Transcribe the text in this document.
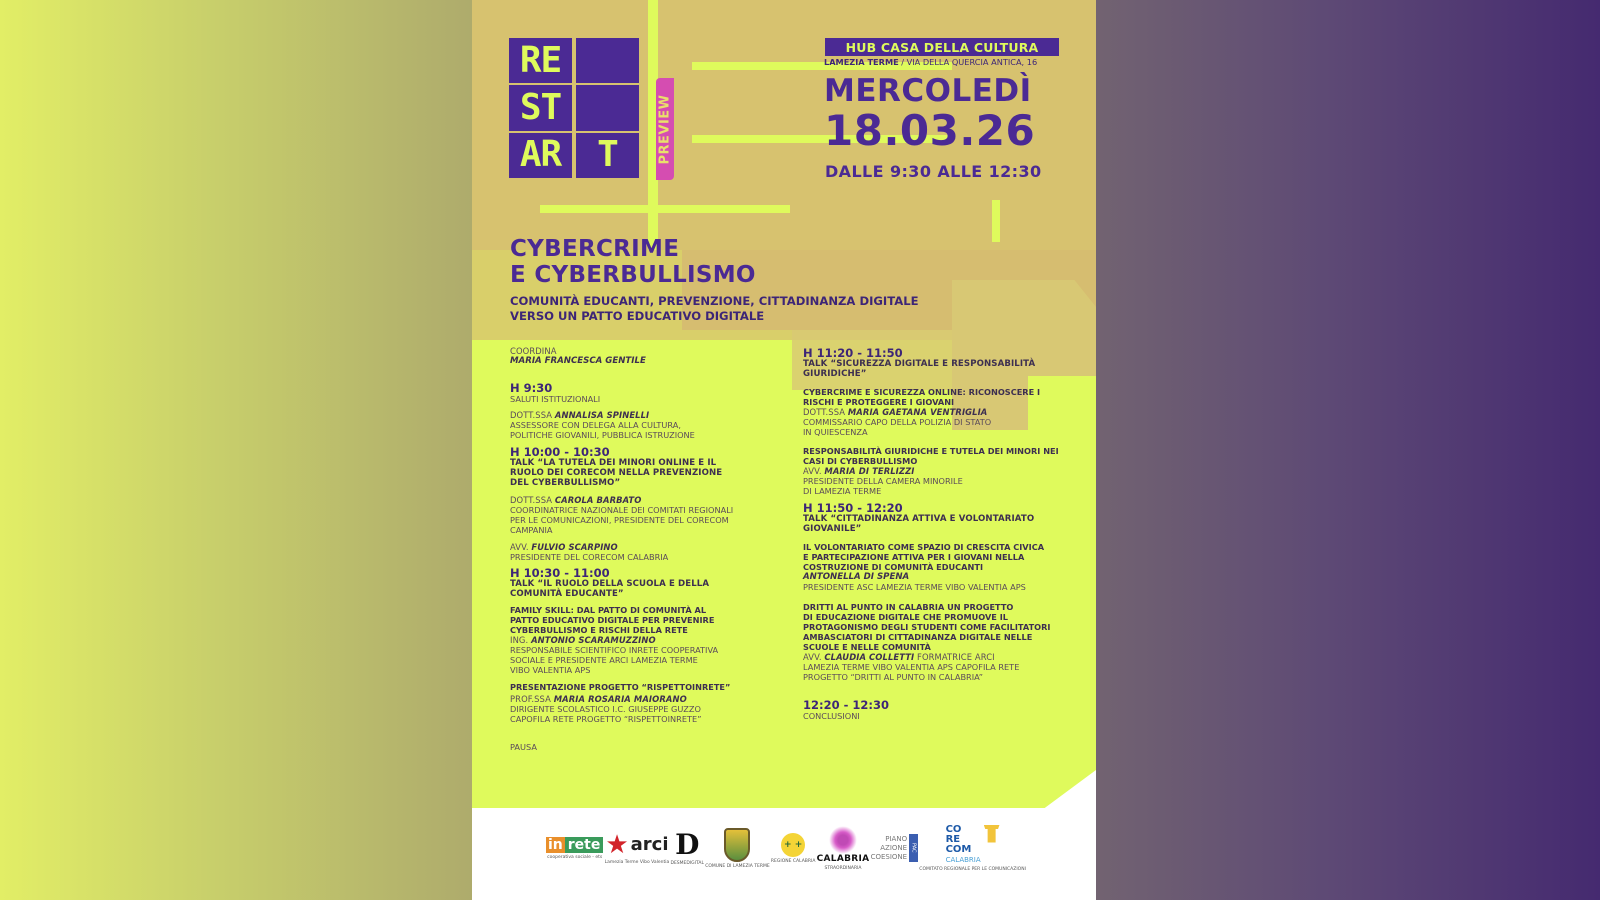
RE
ST
AR T	PREVIEW
HUB CASA DELLA CULTURA
LAMEZIA TERME / VIA DELLA QUERCIA ANTICA, 16
MERCOLEDÌ
18.03.26
DALLE 9:30 ALLE 12:30
CYBERCRIME
E CYBERBULLISMO
COMUNITÀ EDUCANTI, PREVENZIONE, CITTADINANZA DIGITALE
VERSO UN PATTO EDUCATIVO DIGITALE
COORDINA
MARIA FRANCESCA GENTILE
H 9:30
SALUTI ISTITUZIONALI
DOTT.SSA ANNALISA SPINELLI
ASSESSORE CON DELEGA ALLA CULTURA,
POLITICHE GIOVANILI, PUBBLICA ISTRUZIONE
H 10:00 - 10:30
TALK “LA TUTELA DEI MINORI ONLINE E IL
RUOLO DEI CORECOM NELLA PREVENZIONE
DEL CYBERBULLISMO”
DOTT.SSA CAROLA BARBATO
COORDINATRICE NAZIONALE DEI COMITATI REGIONALI
PER LE COMUNICAZIONI, PRESIDENTE DEL CORECOM
CAMPANIA
AVV. FULVIO SCARPINO
PRESIDENTE DEL CORECOM CALABRIA
H 10:30 - 11:00
TALK “IL RUOLO DELLA SCUOLA E DELLA
COMUNITÀ EDUCANTE”
FAMILY SKILL: DAL PATTO DI COMUNITÀ AL
PATTO EDUCATIVO DIGITALE PER PREVENIRE
CYBERBULLISMO E RISCHI DELLA RETE
ING. ANTONIO SCARAMUZZINO
RESPONSABILE SCIENTIFICO INRETE COOPERATIVA
SOCIALE E PRESIDENTE ARCI LAMEZIA TERME
VIBO VALENTIA APS
PRESENTAZIONE PROGETTO “RISPETTOINRETE”
PROF.SSA MARIA ROSARIA MAIORANO
DIRIGENTE SCOLASTICO I.C. GIUSEPPE GUZZO
CAPOFILA RETE PROGETTO “RISPETTOINRETE”
PAUSA
H 11:20 - 11:50
TALK “SICUREZZA DIGITALE E RESPONSABILITÀ
GIURIDICHE”
CYBERCRIME E SICUREZZA ONLINE: RICONOSCERE I
RISCHI E PROTEGGERE I GIOVANI
DOTT.SSA MARIA GAETANA VENTRIGLIA
COMMISSARIO CAPO DELLA POLIZIA DI STATO
IN QUIESCENZA
RESPONSABILITÀ GIURIDICHE E TUTELA DEI MINORI NEI
CASI DI CYBERBULLISMO
AVV. MARIA DI TERLIZZI
PRESIDENTE DELLA CAMERA MINORILE
DI LAMEZIA TERME
H 11:50 - 12:20
TALK “CITTADINANZA ATTIVA E VOLONTARIATO
GIOVANILE”
IL VOLONTARIATO COME SPAZIO DI CRESCITA CIVICA
E PARTECIPAZIONE ATTIVA PER I GIOVANI NELLA
COSTRUZIONE DI COMUNITÀ EDUCANTI
ANTONELLA DI SPENA
PRESIDENTE ASC LAMEZIA TERME VIBO VALENTIA APS
DRITTI AL PUNTO IN CALABRIA UN PROGETTO
DI EDUCAZIONE DIGITALE CHE PROMUOVE IL
PROTAGONISMO DEGLI STUDENTI COME FACILITATORI
AMBASCIATORI DI CITTADINANZA DIGITALE NELLE
SCUOLE E NELLE COMUNITÀ
AVV. CLAUDIA COLLETTI FORMATRICE ARCI
LAMEZIA TERME VIBO VALENTIA APS CAPOFILA RETE
PROGETTO “DRITTI AL PUNTO IN CALABRIA”
12:20 - 12:30
CONCLUSIONI
in rete
cooperativa sociale - ets ★ arci
Lamezia Terme Vibo Valentia
D
DESMEDIGITAL
COMUNE DI LAMEZIA TERME
+ +
REGIONE CALABRIA CALABRIA
STRAORDINARIA
PIANO
AZIONE
COESIONE
PAC
CO
RE
COM
CALABRIA
COMITATO REGIONALE PER LE COMUNICAZIONI
